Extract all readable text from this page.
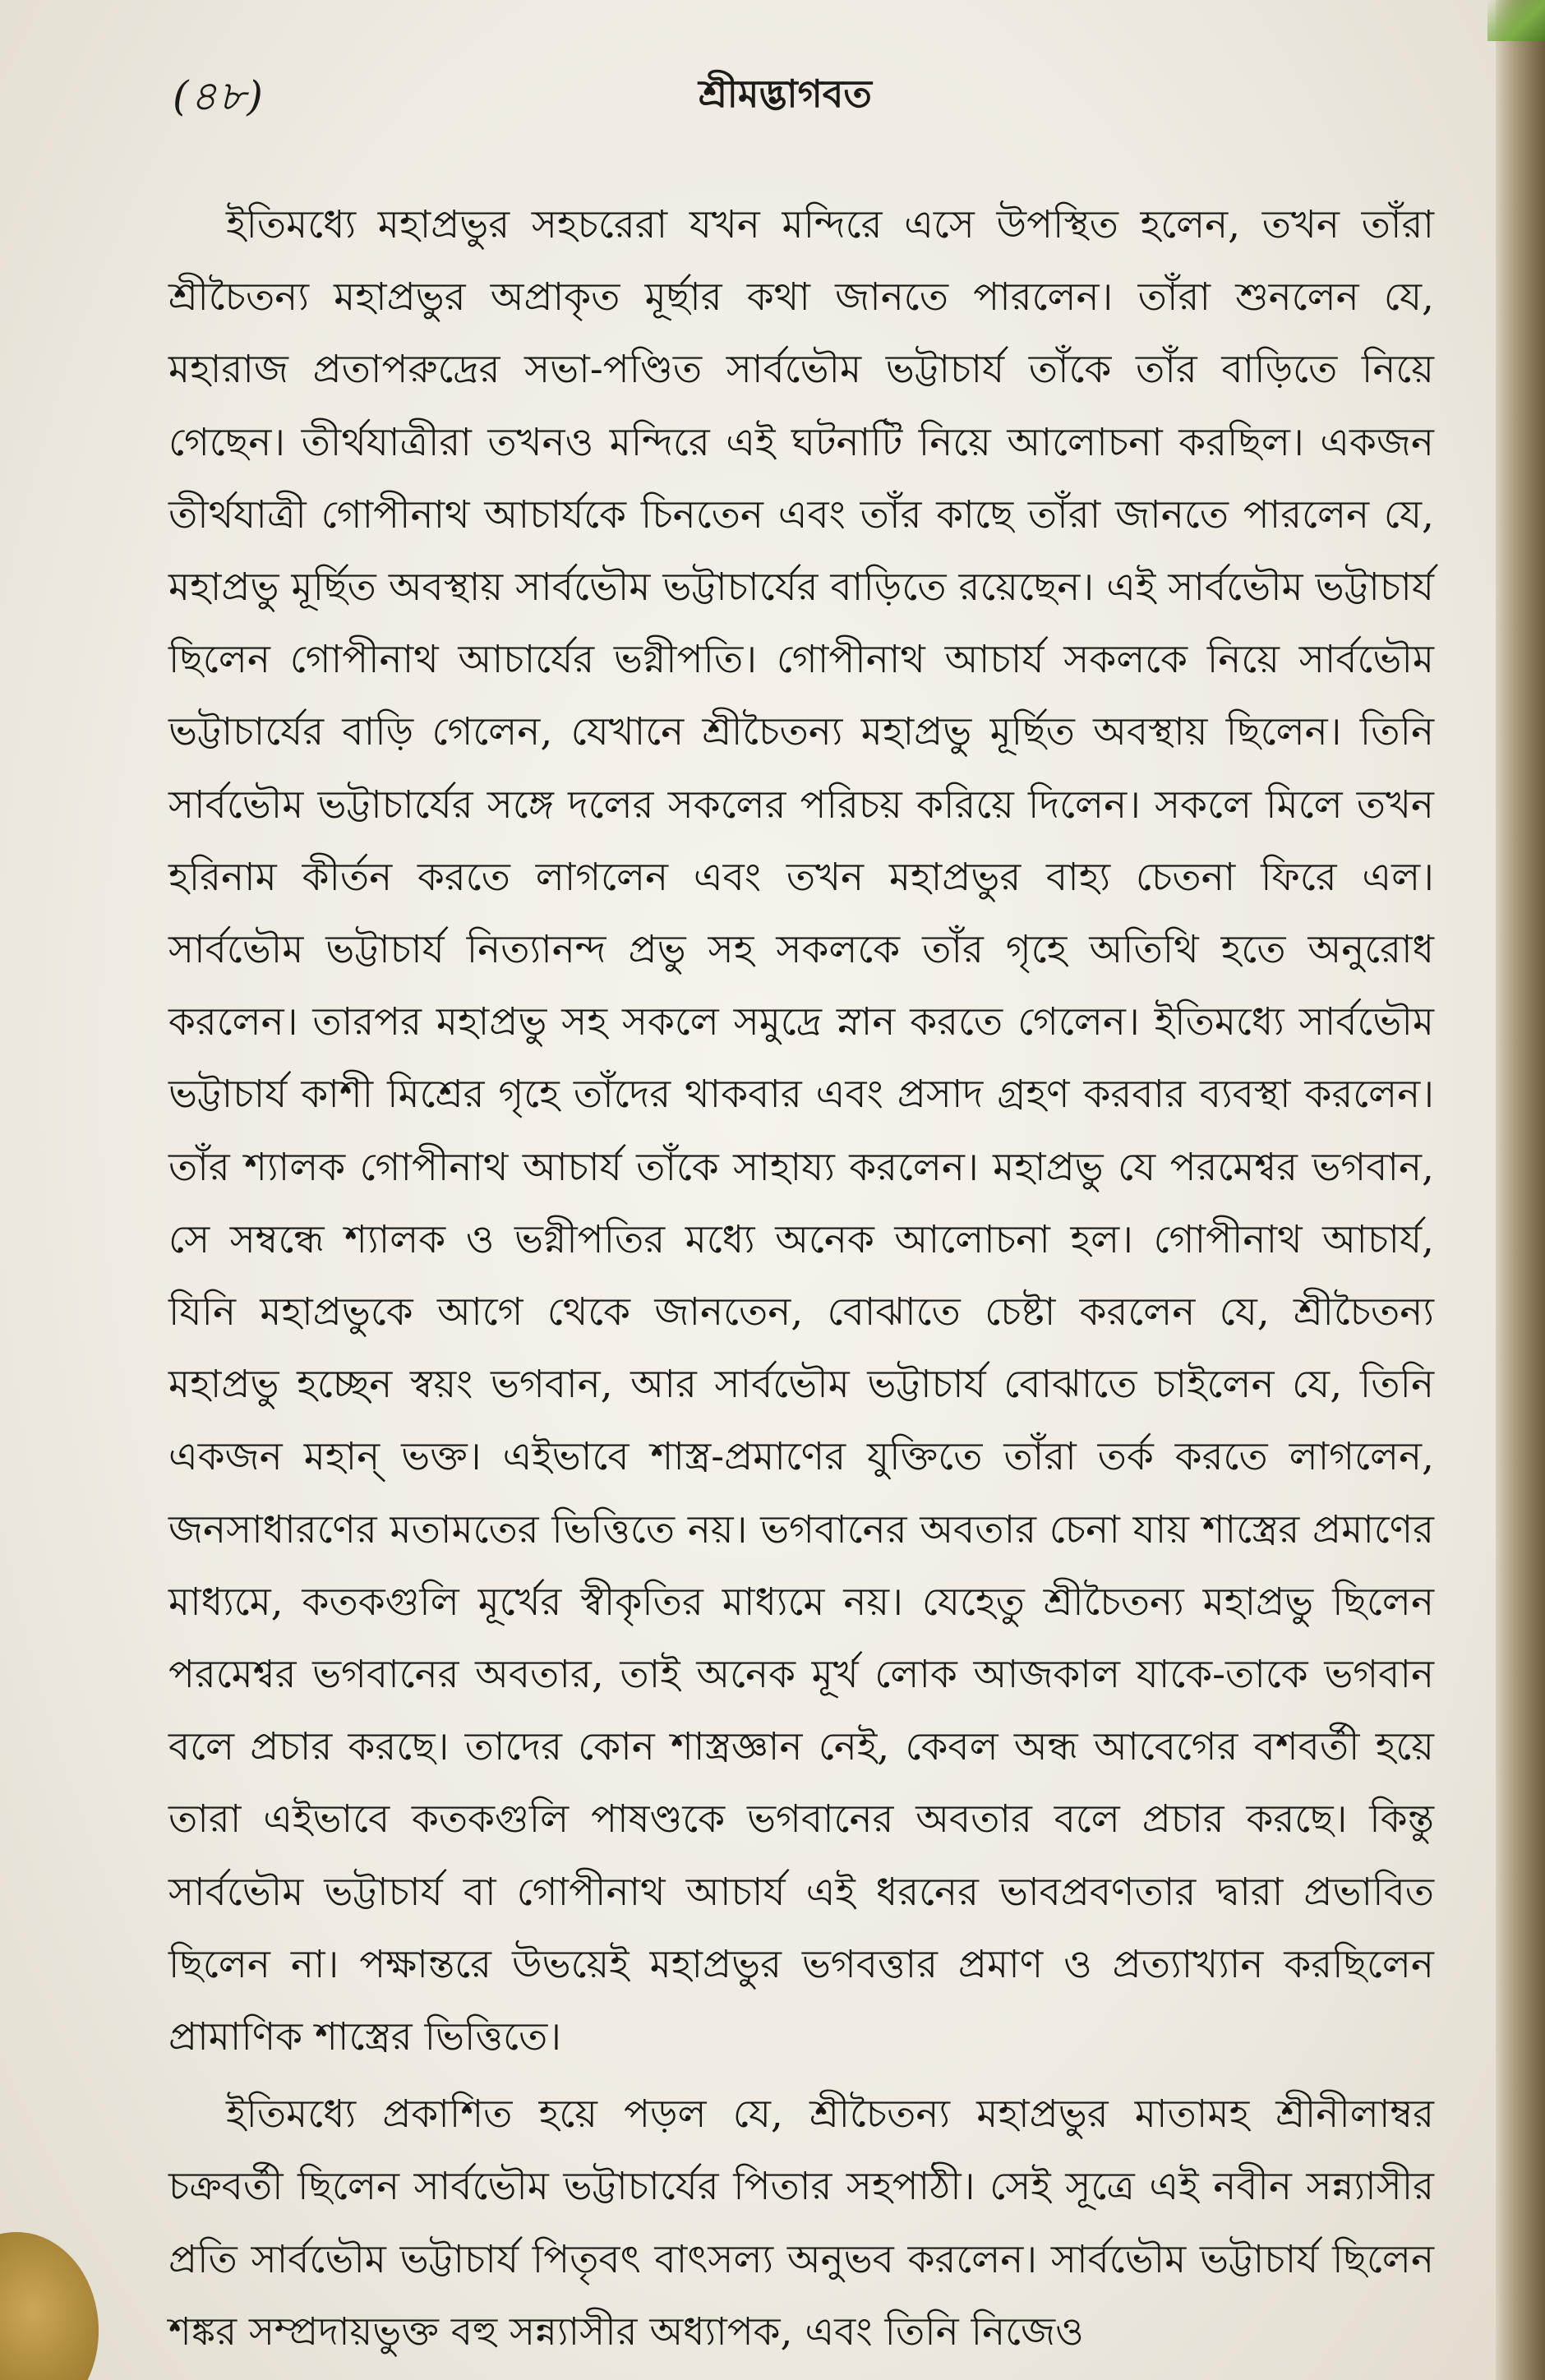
(৪৮)	শ্রীমদ্ভাগবত

ইতিমধ্যে মহাপ্রভুর সহচরেরা যখন মন্দিরে এসে উপস্থিত হলেন, তখন তাঁরা শ্রীচৈতন্য মহাপ্রভুর অপ্রাকৃত মূর্ছার কথা জানতে পারলেন। তাঁরা শুনলেন যে, মহারাজ প্রতাপরুদ্রের সভা-পণ্ডিত সার্বভৌম ভট্টাচার্য তাঁকে তাঁর বাড়িতে নিয়ে গেছেন। তীর্থযাত্রীরা তখনও মন্দিরে এই ঘটনাটি নিয়ে আলোচনা করছিল। একজন তীর্থযাত্রী গোপীনাথ আচার্যকে চিনতেন এবং তাঁর কাছে তাঁরা জানতে পারলেন যে, মহাপ্রভু মূর্ছিত অবস্থায় সার্বভৌম ভট্টাচার্যের বাড়িতে রয়েছেন। এই সার্বভৌম ভট্টাচার্য ছিলেন গোপীনাথ আচার্যের ভগ্নীপতি। গোপীনাথ আচার্য সকলকে নিয়ে সার্বভৌম ভট্টাচার্যের বাড়ি গেলেন, যেখানে শ্রীচৈতন্য মহাপ্রভু মূর্ছিত অবস্থায় ছিলেন। তিনি সার্বভৌম ভট্টাচার্যের সঙ্গে দলের সকলের পরিচয় করিয়ে দিলেন। সকলে মিলে তখন হরিনাম কীর্তন করতে লাগলেন এবং তখন মহাপ্রভুর বাহ্য চেতনা ফিরে এল। সার্বভৌম ভট্টাচার্য নিত্যানন্দ প্রভু সহ সকলকে তাঁর গৃহে অতিথি হতে অনুরোধ করলেন। তারপর মহাপ্রভু সহ সকলে সমুদ্রে স্নান করতে গেলেন। ইতিমধ্যে সার্বভৌম ভট্টাচার্য কাশী মিশ্রের গৃহে তাঁদের থাকবার এবং প্রসাদ গ্রহণ করবার ব্যবস্থা করলেন। তাঁর শ্যালক গোপীনাথ আচার্য তাঁকে সাহায্য করলেন। মহাপ্রভু যে পরমেশ্বর ভগবান, সে সম্বন্ধে শ্যালক ও ভগ্নীপতির মধ্যে অনেক আলোচনা হল। গোপীনাথ আচার্য, যিনি মহাপ্রভুকে আগে থেকে জানতেন, বোঝাতে চেষ্টা করলেন যে, শ্রীচৈতন্য মহাপ্রভু হচ্ছেন স্বয়ং ভগবান, আর সার্বভৌম ভট্টাচার্য বোঝাতে চাইলেন যে, তিনি একজন মহান্ ভক্ত। এইভাবে শাস্ত্র-প্রমাণের যুক্তিতে তাঁরা তর্ক করতে লাগলেন, জনসাধারণের মতামতের ভিত্তিতে নয়। ভগবানের অবতার চেনা যায় শাস্ত্রের প্রমাণের মাধ্যমে, কতকগুলি মূর্খের স্বীকৃতির মাধ্যমে নয়। যেহেতু শ্রীচৈতন্য মহাপ্রভু ছিলেন পরমেশ্বর ভগবানের অবতার, তাই অনেক মূর্খ লোক আজকাল যাকে-তাকে ভগবান বলে প্রচার করছে। তাদের কোন শাস্ত্রজ্ঞান নেই, কেবল অন্ধ আবেগের বশবর্তী হয়ে তারা এইভাবে কতকগুলি পাষণ্ডকে ভগবানের অবতার বলে প্রচার করছে। কিন্তু সার্বভৌম ভট্টাচার্য বা গোপীনাথ আচার্য এই ধরনের ভাবপ্রবণতার দ্বারা প্রভাবিত ছিলেন না। পক্ষান্তরে উভয়েই মহাপ্রভুর ভগবত্তার প্রমাণ ও প্রত্যাখ্যান করছিলেন প্রামাণিক শাস্ত্রের ভিত্তিতে।

ইতিমধ্যে প্রকাশিত হয়ে পড়ল যে, শ্রীচৈতন্য মহাপ্রভুর মাতামহ শ্রীনীলাম্বর চক্রবর্তী ছিলেন সার্বভৌম ভট্টাচার্যের পিতার সহপাঠী। সেই সূত্রে এই নবীন সন্ন্যাসীর প্রতি সার্বভৌম ভট্টাচার্য পিতৃবৎ বাৎসল্য অনুভব করলেন। সার্বভৌম ভট্টাচার্য ছিলেন শঙ্কর সম্প্রদায়ভুক্ত বহু সন্ন্যাসীর অধ্যাপক, এবং তিনি নিজেও
